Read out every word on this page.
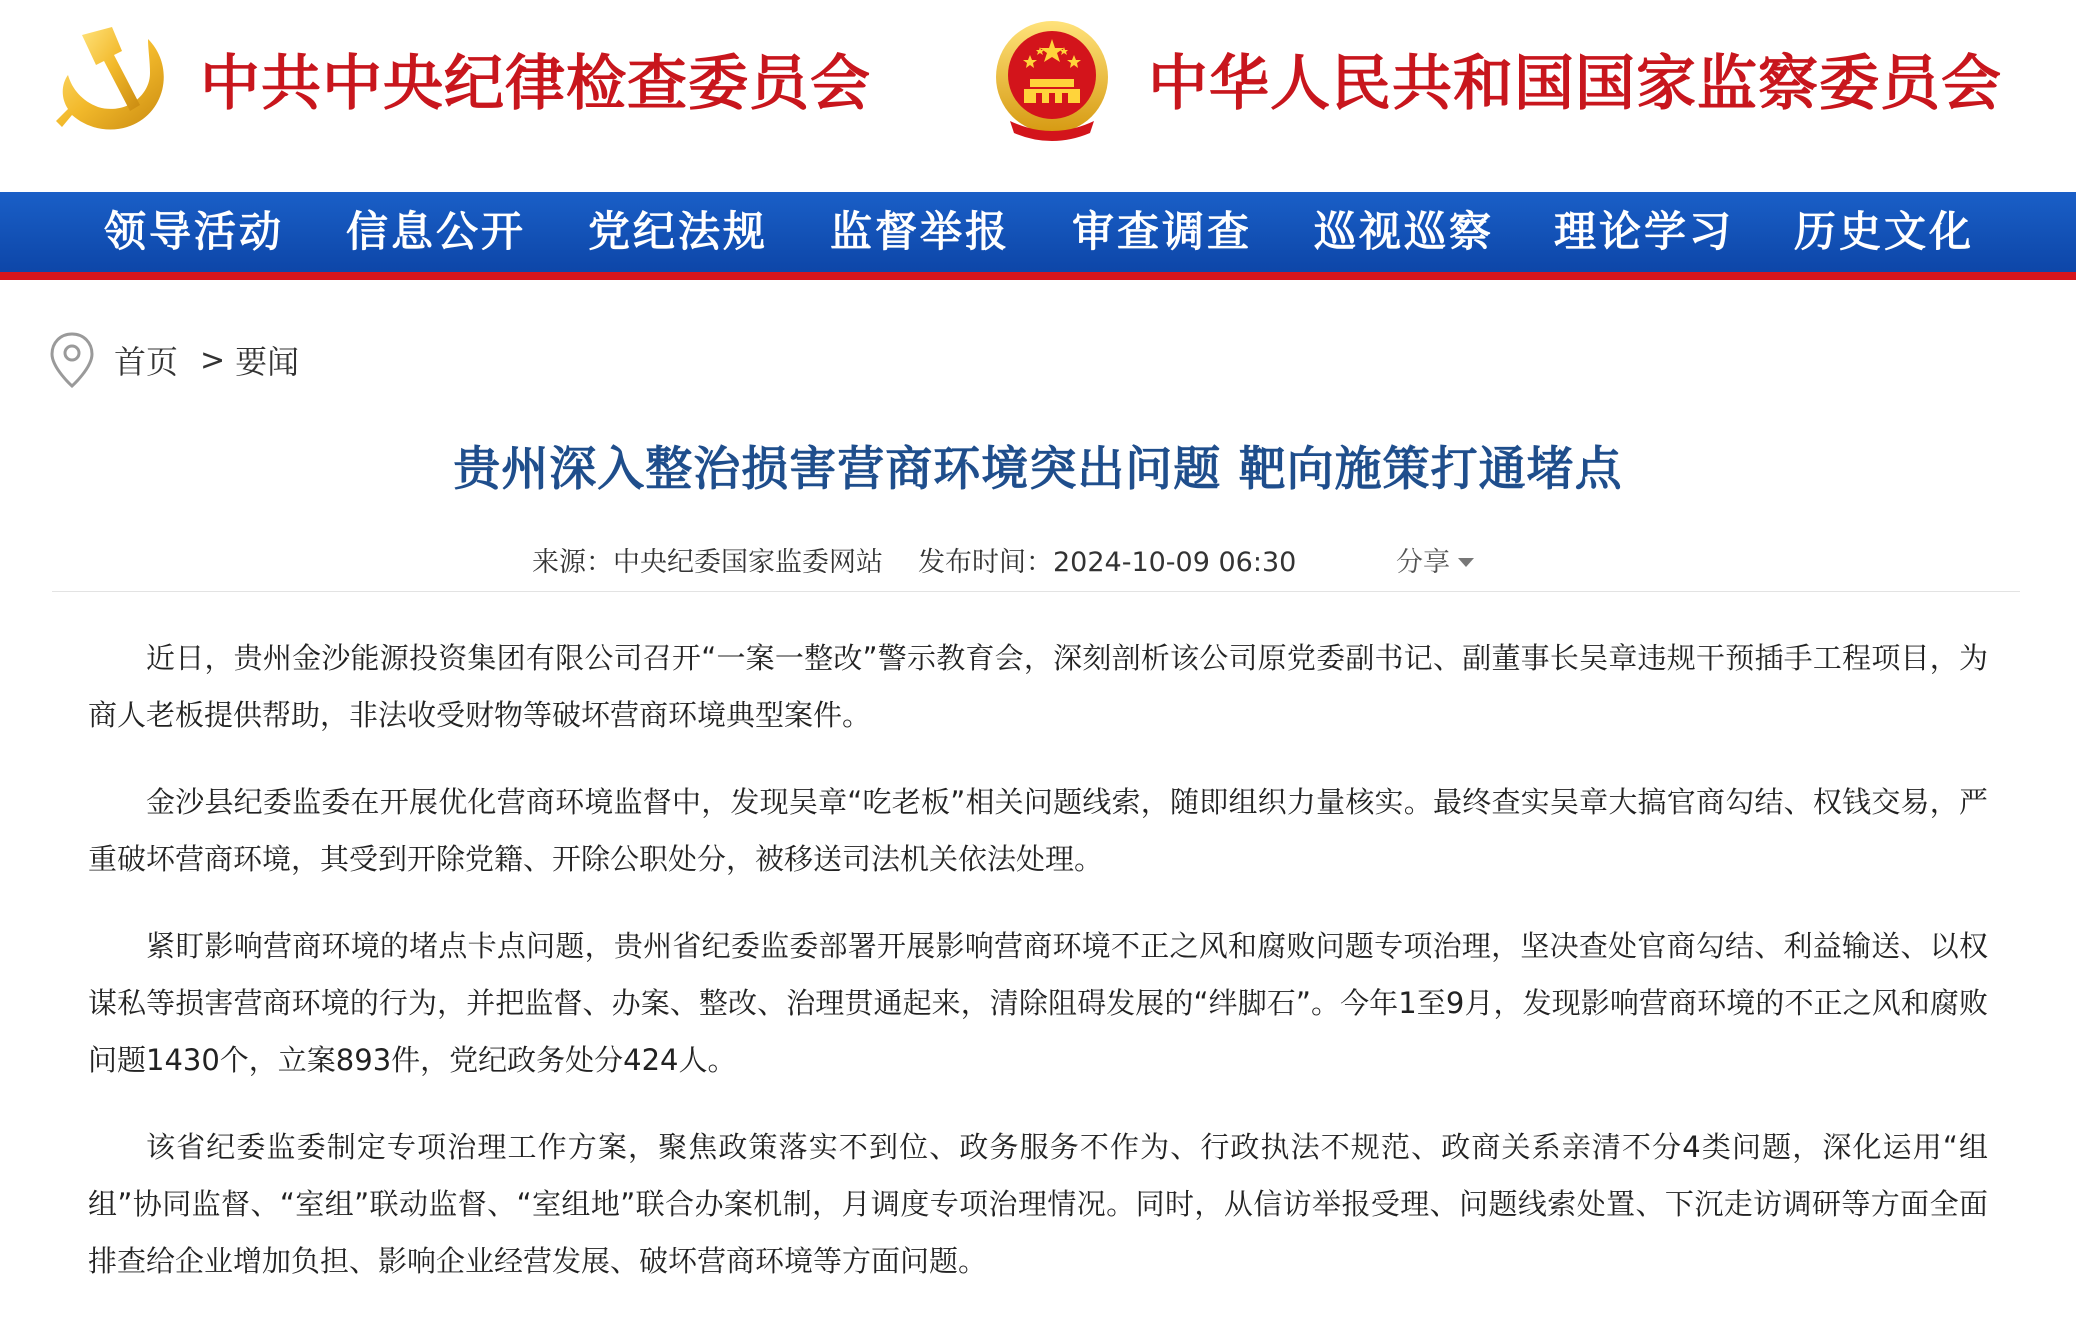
中共中央纪律检查委员会	中华人民共和国国家监察委员会
领导活动 信息公开 党纪法规 监督举报 审查调查 巡视巡察 理论学习 历史文化
首页 > 要闻
贵州深入整治损害营商环境突出问题 靶向施策打通堵点
来源：中央纪委国家监委网站 发布时间：2024-10-09 06:30	分享

近日，贵州金沙能源投资集团有限公司召开“一案一整改”警示教育会，深刻剖析该公司原党委副书记、副董事长吴章违规干预插手工程项目，为商人老板提供帮助，非法收受财物等破坏营商环境典型案件。

金沙县纪委监委在开展优化营商环境监督中，发现吴章“吃老板”相关问题线索，随即组织力量核实。最终查实吴章大搞官商勾结、权钱交易，严重破坏营商环境，其受到开除党籍、开除公职处分，被移送司法机关依法处理。

紧盯影响营商环境的堵点卡点问题，贵州省纪委监委部署开展影响营商环境不正之风和腐败问题专项治理，坚决查处官商勾结、利益输送、以权谋私等损害营商环境的行为，并把监督、办案、整改、治理贯通起来，清除阻碍发展的“绊脚石”。今年1至9月，发现影响营商环境的不正之风和腐败问题1430个，立案893件，党纪政务处分424人。

该省纪委监委制定专项治理工作方案，聚焦政策落实不到位、政务服务不作为、行政执法不规范、政商关系亲清不分4类问题，深化运用“组组”协同监督、“室组”联动监督、“室组地”联合办案机制，月调度专项治理情况。同时，从信访举报受理、问题线索处置、下沉走访调研等方面全面排查给企业增加负担、影响企业经营发展、破坏营商环境等方面问题。
